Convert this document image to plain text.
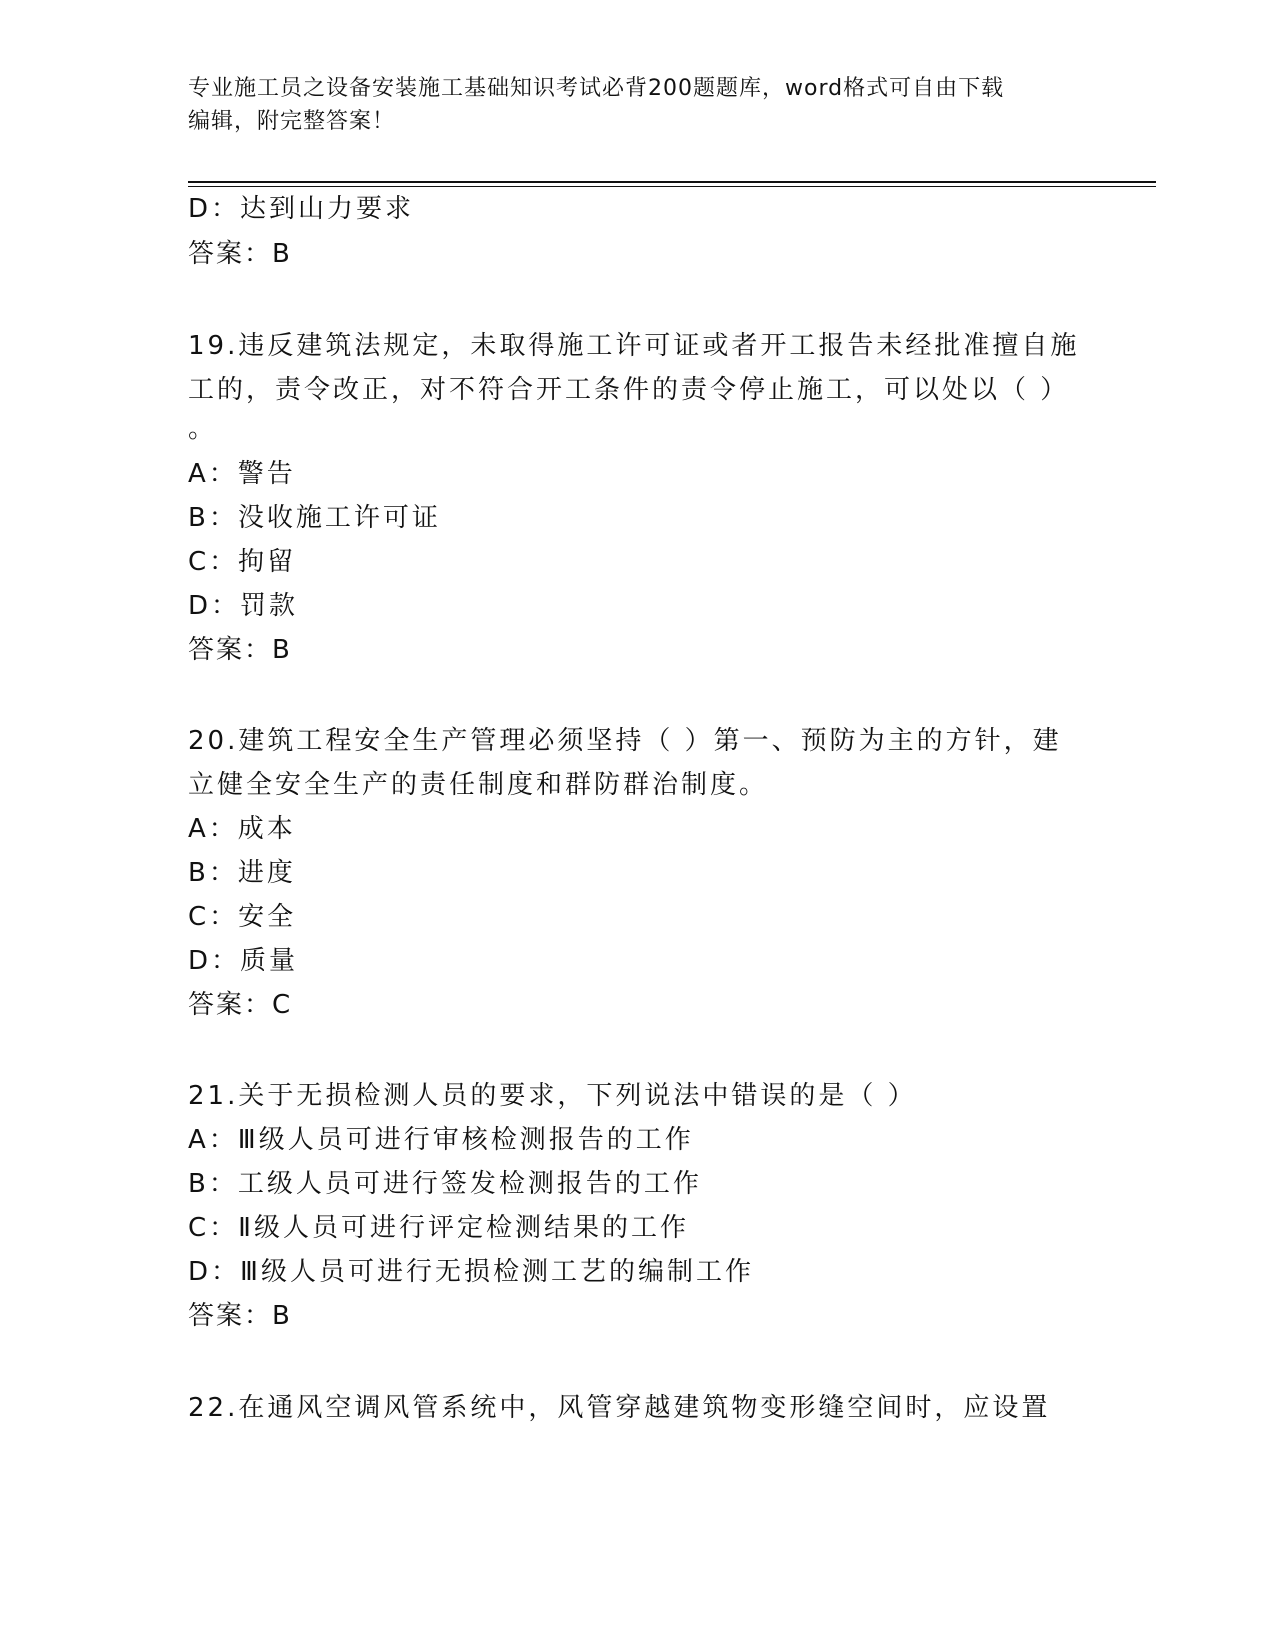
专业施工员之设备安装施工基础知识考试必背200题题库，word格式可自由下载
编辑，附完整答案！
D：达到山力要求
答案：B
19.违反建筑法规定，未取得施工许可证或者开工报告未经批准擅自施
工的，责令改正，对不符合开工条件的责令停止施工，可以处以（ ）
。
A：警告
B：没收施工许可证
C：拘留
D：罚款
答案：B
20.建筑工程安全生产管理必须坚持（ ）第一、预防为主的方针，建
立健全安全生产的责任制度和群防群治制度。
A：成本
B：进度
C：安全
D：质量
答案：C
21.关于无损检测人员的要求，下列说法中错误的是（ ）
A：Ⅲ级人员可进行审核检测报告的工作
B：工级人员可进行签发检测报告的工作
C：Ⅱ级人员可进行评定检测结果的工作
D：Ⅲ级人员可进行无损检测工艺的编制工作
答案：B
22.在通风空调风管系统中，风管穿越建筑物变形缝空间时，应设置
